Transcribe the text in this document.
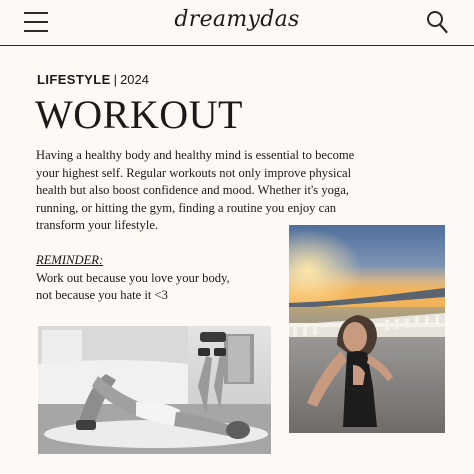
dreamydas
LIFESTYLE | 2024
WORKOUT

Having a healthy body and healthy mind is essential to become your highest self. Regular workouts not only improve physical health but also boost confidence and mood. Whether it's yoga, running, or hitting the gym, finding a routine you enjoy can transform your lifestyle.

REMINDER:
Work out because you love your body,
not because you hate it <3
